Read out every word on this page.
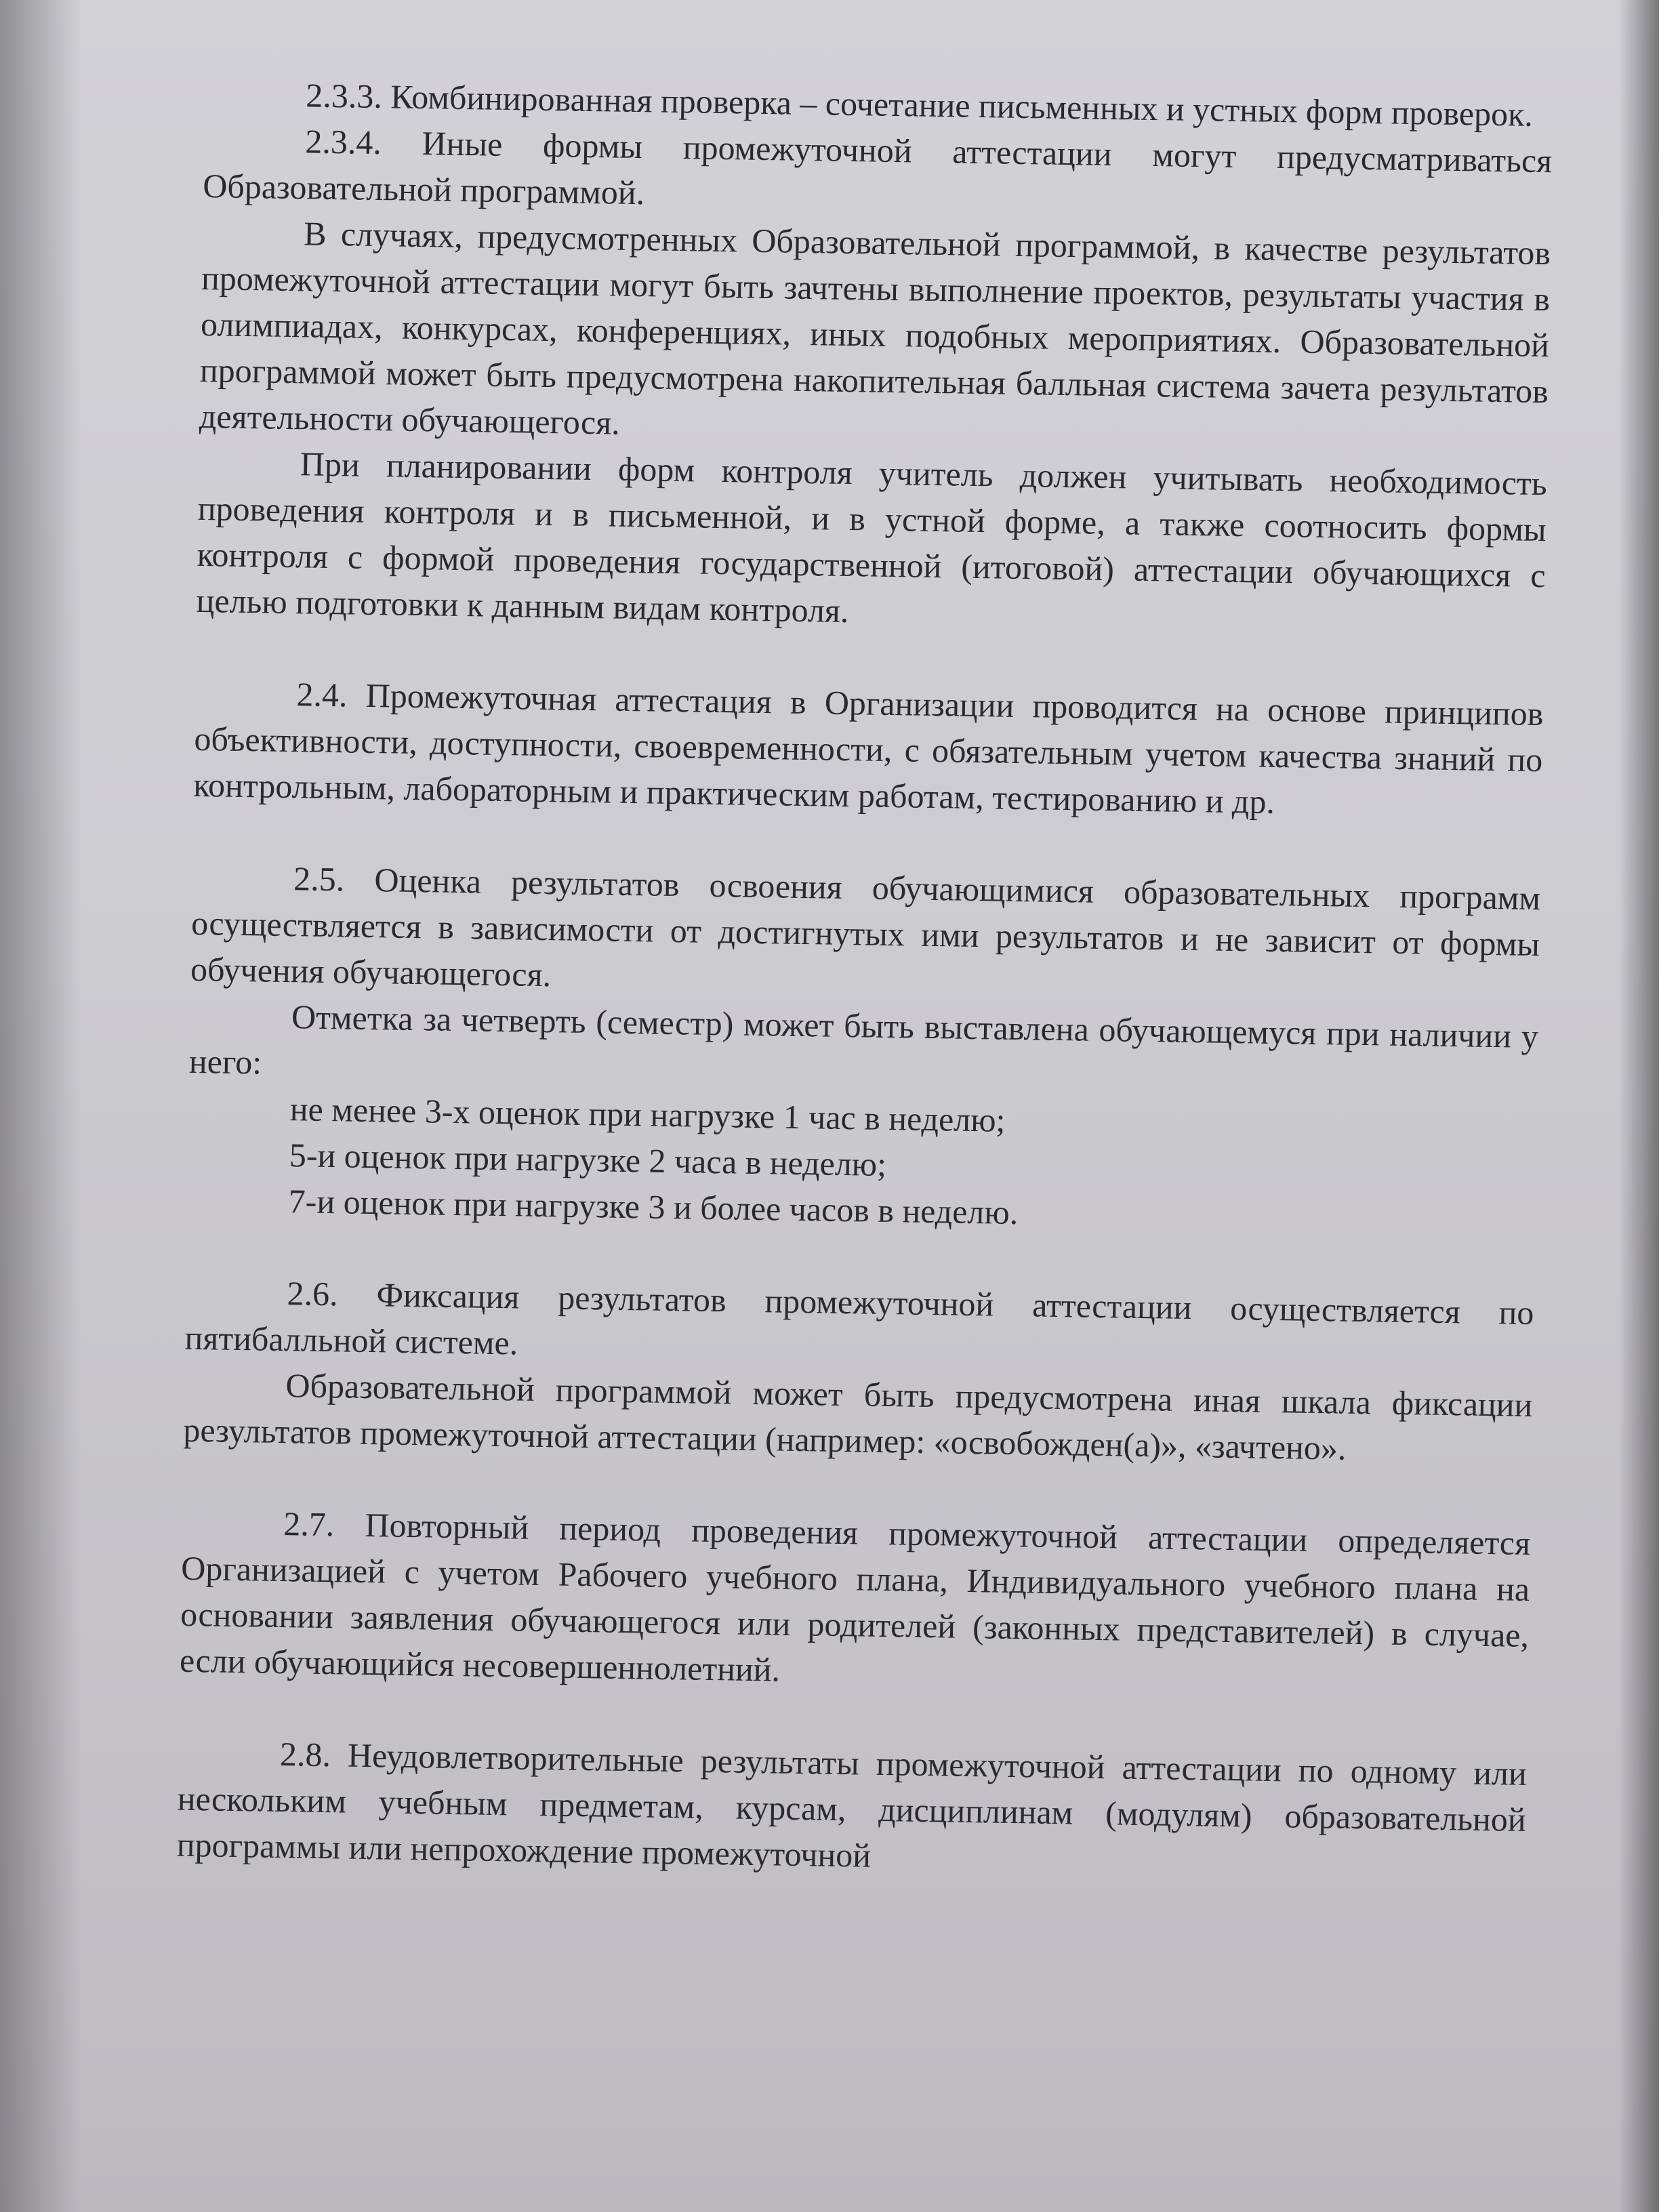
2.3.3. Комбинированная проверка – сочетание письменных и устных форм проверок.

2.3.4. Иные формы промежуточной аттестации могут предусматриваться Образовательной программой.

В случаях, предусмотренных Образовательной программой, в качестве результатов промежуточной аттестации могут быть зачтены выполнение проектов, результаты участия в олимпиадах, конкурсах, конференциях, иных подобных мероприятиях. Образовательной программой может быть предусмотрена накопительная балльная система зачета результатов деятельности обучающегося.

При планировании форм контроля учитель должен учитывать необходимость проведения контроля и в письменной, и в устной форме, а также соотносить формы контроля с формой проведения государственной (итоговой) аттестации обучающихся с целью подготовки к данным видам контроля.

2.4. Промежуточная аттестация в Организации проводится на основе принципов объективности, доступности, своевременности, с обязательным учетом качества знаний по контрольным, лабораторным и практическим работам, тестированию и др.

2.5. Оценка результатов освоения обучающимися образовательных программ осуществляется в зависимости от достигнутых ими результатов и не зависит от формы обучения обучающегося.

Отметка за четверть (семестр) может быть выставлена обучающемуся при наличии у него:

не менее 3-х оценок при нагрузке 1 час в неделю;

5-и оценок при нагрузке 2 часа в неделю;

7-и оценок при нагрузке 3 и более часов в неделю.

2.6. Фиксация результатов промежуточной аттестации осуществляется по пятибалльной системе.

Образовательной программой может быть предусмотрена иная шкала фиксации результатов промежуточной аттестации (например: «освобожден(а)», «зачтено».

2.7. Повторный период проведения промежуточной аттестации определяется Организацией с учетом Рабочего учебного плана, Индивидуального учебного плана на основании заявления обучающегося или родителей (законных представителей) в случае, если обучающийся несовершеннолетний.

2.8. Неудовлетворительные результаты промежуточной аттестации по одному или нескольким учебным предметам, курсам, дисциплинам (модулям) образовательной программы или непрохождение промежуточной
